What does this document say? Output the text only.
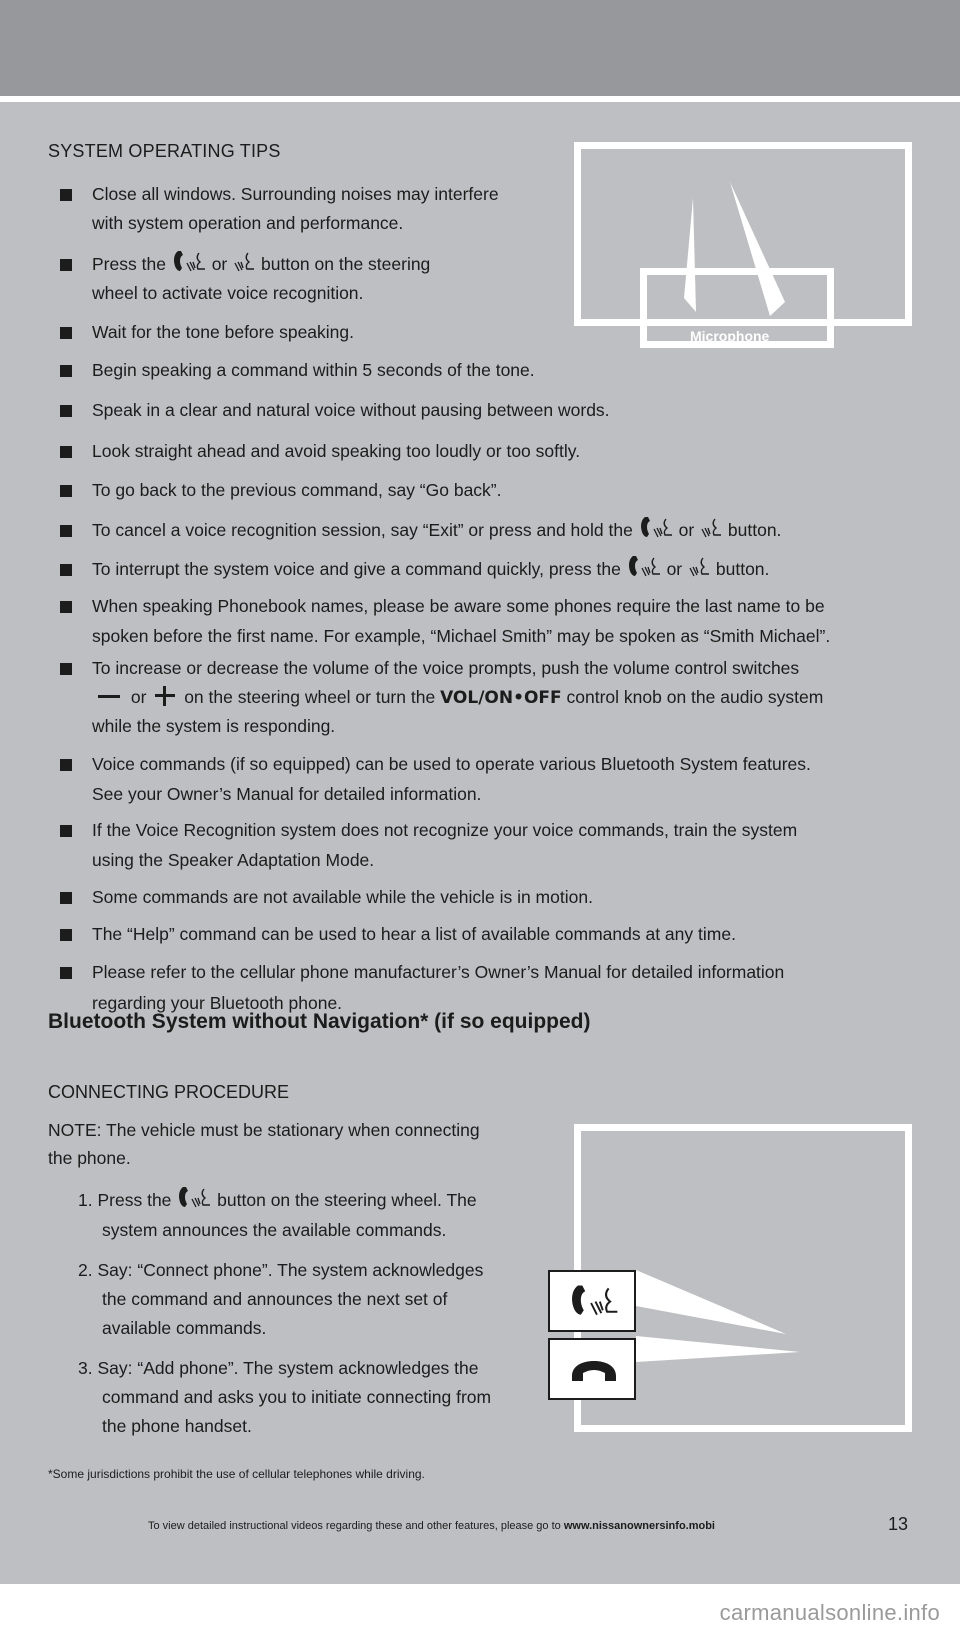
SYSTEM OPERATING TIPS
Microphone
Close all windows. Surrounding noises may interfere
with system operation and performance.
Press the	or button on the steering
wheel to activate voice recognition.
Wait for the tone before speaking.
Begin speaking a command within 5 seconds of the tone.
Speak in a clear and natural voice without pausing between words.
Look straight ahead and avoid speaking too loudly or too softly.
To go back to the previous command, say “Go back”.
To cancel a voice recognition session, say “Exit” or press and hold the	or button.
To interrupt the system voice and give a command quickly, press the	or button.
When speaking Phonebook names, please be aware some phones require the last name to be
spoken before the first name. For example, “Michael Smith” may be spoken as “Smith Michael”.
To increase or decrease the volume of the voice prompts, push the volume control switches
or on the steering wheel or turn the VOL/ON•OFF control knob on the audio system
while the system is responding.
Voice commands (if so equipped) can be used to operate various Bluetooth System features.
See your Owner’s Manual for detailed information.
If the Voice Recognition system does not recognize your voice commands, train the system
using the Speaker Adaptation Mode.
Some commands are not available while the vehicle is in motion.
The “Help” command can be used to hear a list of available commands at any time.
Please refer to the cellular phone manufacturer’s Owner’s Manual for detailed information
regarding your Bluetooth phone.
Bluetooth System without Navigation* (if so equipped)
CONNECTING PROCEDURE
NOTE: The vehicle must be stationary when connecting
the phone.
1. Press the	button on the steering wheel. The
system announces the available commands.
2. Say: “Connect phone”. The system acknowledges
the command and announces the next set of
available commands.
3. Say: “Add phone”. The system acknowledges the
command and asks you to initiate connecting from
the phone handset.
*Some jurisdictions prohibit the use of cellular telephones while driving.
To view detailed instructional videos regarding these and other features, please go to www.nissanownersinfo.mobi	13
carmanualsonline.info
